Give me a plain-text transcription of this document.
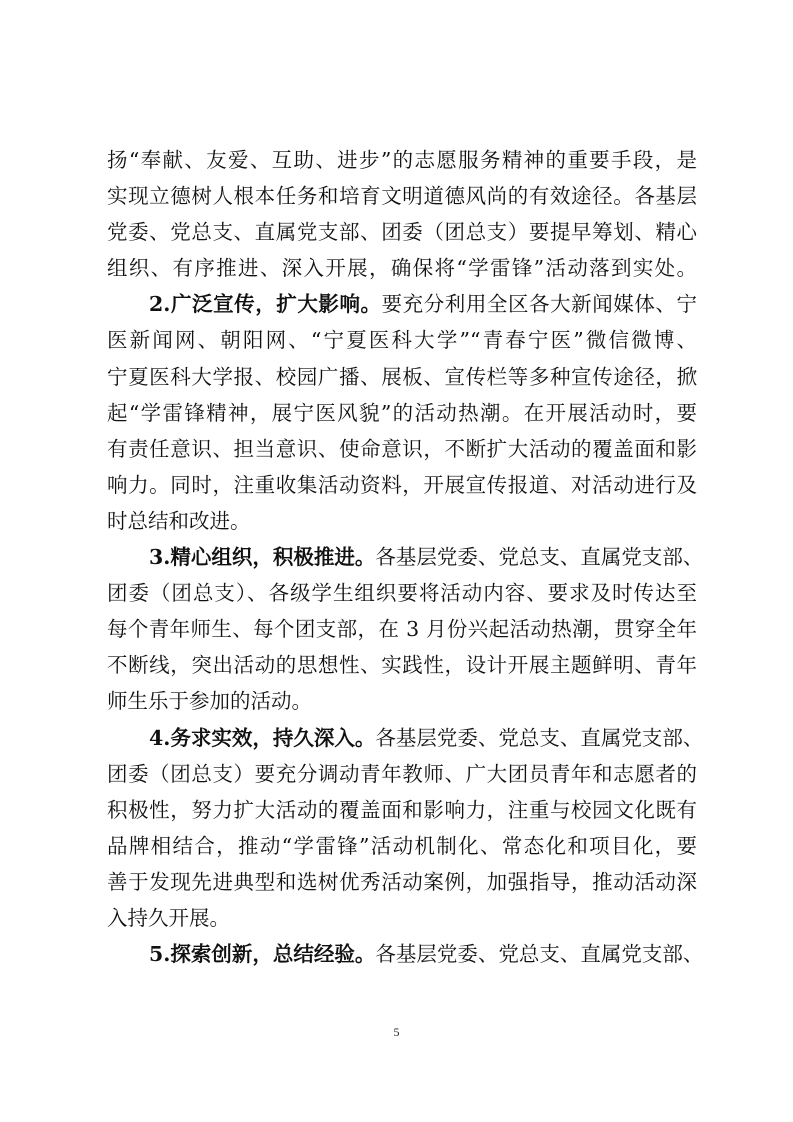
扬“奉献、友爱、互助、进步”的志愿服务精神的重要手段，是
实现立德树人根本任务和培育文明道德风尚的有效途径。各基层
党委、党总支、直属党支部、团委（团总支）要提早筹划、精心
组织、有序推进、深入开展，确保将“学雷锋”活动落到实处。
2.广泛宣传，扩大影响。要充分利用全区各大新闻媒体、宁
医新闻网、朝阳网、“宁夏医科大学”“青春宁医”微信微博、
宁夏医科大学报、校园广播、展板、宣传栏等多种宣传途径，掀
起“学雷锋精神，展宁医风貌”的活动热潮。在开展活动时，要
有责任意识、担当意识、使命意识，不断扩大活动的覆盖面和影
响力。同时，注重收集活动资料，开展宣传报道、对活动进行及
时总结和改进。
3.精心组织，积极推进。各基层党委、党总支、直属党支部、
团委（团总支）、各级学生组织要将活动内容、要求及时传达至
每个青年师生、每个团支部，在 3 月份兴起活动热潮，贯穿全年
不断线，突出活动的思想性、实践性，设计开展主题鲜明、青年
师生乐于参加的活动。
4.务求实效，持久深入。各基层党委、党总支、直属党支部、
团委（团总支）要充分调动青年教师、广大团员青年和志愿者的
积极性，努力扩大活动的覆盖面和影响力，注重与校园文化既有
品牌相结合，推动“学雷锋”活动机制化、常态化和项目化，要
善于发现先进典型和选树优秀活动案例，加强指导，推动活动深
入持久开展。
5.探索创新，总结经验。各基层党委、党总支、直属党支部、
5
